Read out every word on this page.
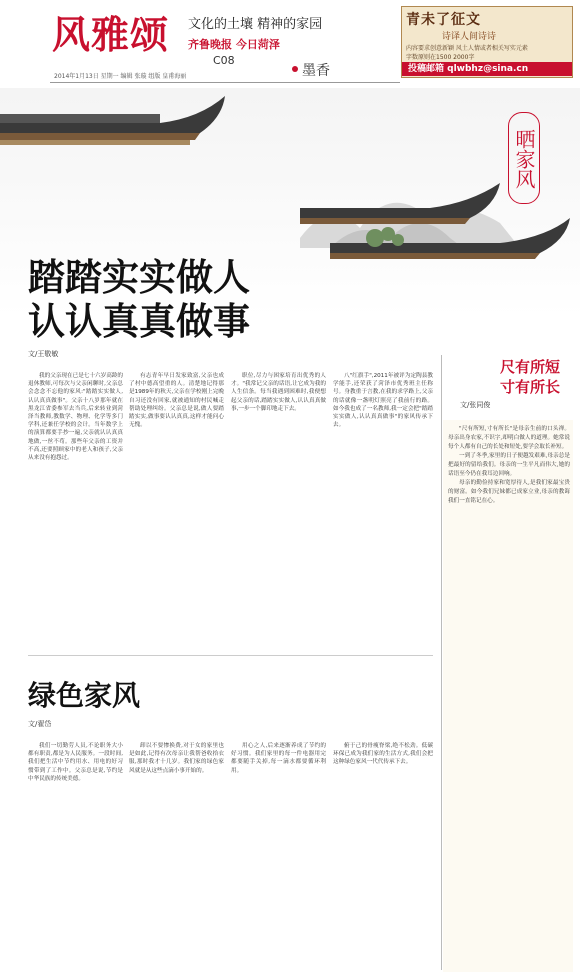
风雅颂 文化的土壤 精神的家园
齐鲁晚报 今日菏泽
C08
2014年1月13日 星期一 编辑 张璇 组版 皇甫海丽	墨香
青未了征文
诗译人间诗诗
内容要求创意新颖 风土人情或者相关写实元素
字数原则在1500 2000字
投稿邮箱 qlwbhz@sina.cn
晒家风
踏踏实实做人
认认真真做事
文/王敬敏

我的父亲现在已是七十六岁高龄的退休教师,可每次与父亲闲聊时,父亲总会念念不忘他的家风:"踏踏实实做人,认认真真做事"。父亲十八岁那年就在黑龙江省委参军去当兵,后来转业到菏泽当教师,教数学、物理、化学等多门学科,还兼任学校的会计。当年数学上的演算都要手抄一遍,父亲就认认真真地做,一丝不苟。那些年父亲的工资并不高,还要照顾家中的老人和孩子,父亲从来没有抱怨过。

有志青年早日发家致富,父亲也成了村中德高望重的人。清楚地记得那是1989年的秋天,父亲在学校刚上完晚自习还没有回家,就被通知的村民喊走帮助处理纠纷。父亲总是说,做人要踏踏实实,做事要认认真真,这样才能问心无愧。

职位,尽力与困家培育出优秀的人才。"我常记父亲的话语,让它成为我的人生信条。每当我遇到困难时,我便想起父亲的话,踏踏实实做人,认认真真做事,一步一个脚印地走下去。

八"红旗手",2011年被评为定陶县教学能手,还荣获了菏泽市优秀班主任称号。身教重于言教,在我的求学路上,父亲的话就像一盏明灯照亮了我前行的路。如今我也成了一名教师,我一定会把"踏踏实实做人,认认真真做事"的家风传承下去。

绿色家风
文/翟岱

我们一切勤劳人员,不论职务大小都有职责,都是为人民服务。一段时间,我们把生活中节约用水、用电的好习惯带到了工作中。父亲总是说,节约是中华民族的传统美德。

卸以不要惨换费,对于女的家里也是如此,记得有次母亲让我帮爸收拾衣服,那时我才十几岁。我们家的绿色家风就是从这些点滴小事开始的。

用心之人,后来逐渐养成了节约的好习惯。我们家里的每一件电器用完都要随手关掉,每一滴水都要循环利用。

俯于己的骨瘦脊梁,绝不松劲。低碳环保已成为我们家的生活方式,我们会把这种绿色家风一代代传承下去。

尺有所短
寸有所长
文/张同俊

"尺有所短,寸有所长"是母亲生前的口头禅。母亲出身农家,不识字,却明白做人的道理。她常说每个人都有自己的长处和短处,要学会取长补短。

一到了冬季,家里的日子便越发艰难,母亲总是把最好的留给我们。母亲的一生平凡而伟大,她的话语至今仍在我耳边回响。

母亲的勤俭持家和宽厚待人,是我们家最宝贵的财富。如今我们兄妹都已成家立业,母亲的教诲我们一直铭记在心。
